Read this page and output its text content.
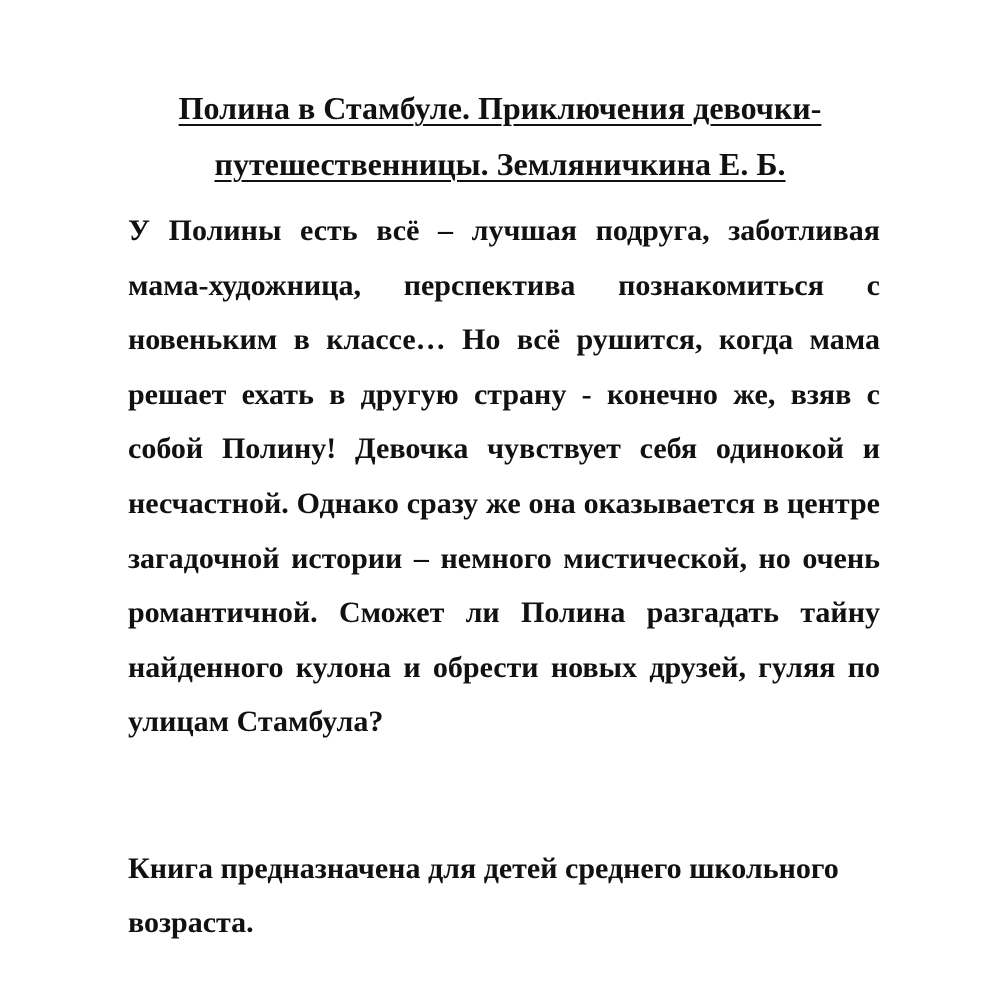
Полина в Стамбуле. Приключения девочки-путешественницы. Земляничкина Е. Б.

У Полины есть всё – лучшая подруга, заботливая мама-художница, перспектива познакомиться с новеньким в классе… Но всё рушится, когда мама решает ехать в другую страну - конечно же, взяв с собой Полину! Девочка чувствует себя одинокой и несчастной. Однако сразу же она оказывается в центре загадочной истории – немного мистической, но очень романтичной. Сможет ли Полина разгадать тайну найденного кулона и обрести новых друзей, гуляя по улицам Стамбула?

Книга предназначена для детей среднего школьного возраста.
